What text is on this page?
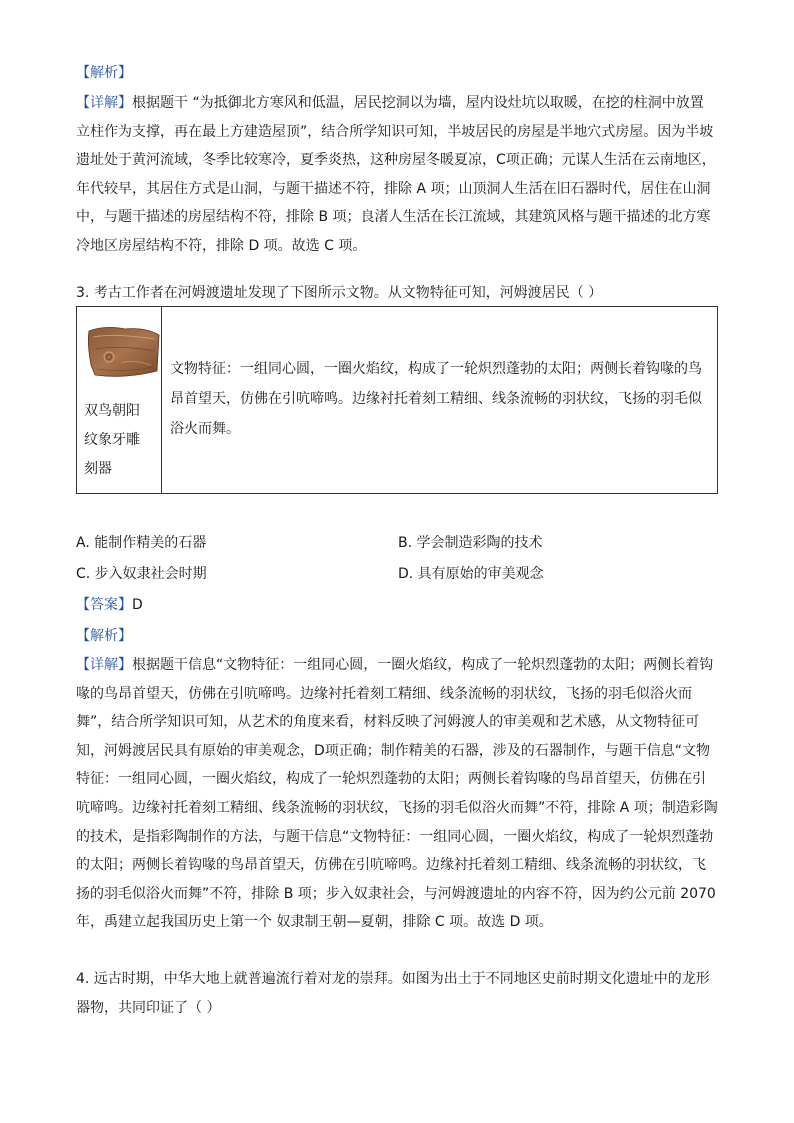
【解析】
【详解】根据题干 “为抵御北方寒风和低温，居民挖洞以为墙，屋内设灶坑以取暖，在挖的柱洞中放置
立柱作为支撑，再在最上方建造屋顶”，结合所学知识可知，半坡居民的房屋是半地穴式房屋。因为半坡
遗址处于黄河流域，冬季比较寒冷，夏季炎热，这种房屋冬暖夏凉，C项正确；元谋人生活在云南地区，
年代较早，其居住方式是山洞，与题干描述不符，排除 A 项；山顶洞人生活在旧石器时代，居住在山洞
中，与题干描述的房屋结构不符，排除 B 项；良渚人生活在长江流域，其建筑风格与题干描述的北方寒
冷地区房屋结构不符，排除 D 项。故选 C 项。
3. 考古工作者在河姆渡遗址发现了下图所示文物。从文物特征可知，河姆渡居民（ ）
双鸟朝阳
纹象牙雕
刻器

文物特征：一组同心圆，一圈火焰纹，构成了一轮炽烈蓬勃的太阳；两侧长着钩喙的鸟
昂首望天，仿佛在引吭啼鸣。边缘衬托着刻工精细、线条流畅的羽状纹，飞扬的羽毛似
浴火而舞。
A. 能制作精美的石器	B. 学会制造彩陶的技术
C. 步入奴隶社会时期	D. 具有原始的审美观念
【答案】D
【解析】
【详解】根据题干信息“文物特征：一组同心圆，一圈火焰纹，构成了一轮炽烈蓬勃的太阳；两侧长着钩
喙的鸟昂首望天，仿佛在引吭啼鸣。边缘衬托着刻工精细、线条流畅的羽状纹，飞扬的羽毛似浴火而
舞”，结合所学知识可知，从艺术的角度来看，材料反映了河姆渡人的审美观和艺术感，从文物特征可
知，河姆渡居民具有原始的审美观念，D项正确；制作精美的石器，涉及的石器制作，与题干信息“文物
特征：一组同心圆，一圈火焰纹，构成了一轮炽烈蓬勃的太阳；两侧长着钩喙的鸟昂首望天，仿佛在引
吭啼鸣。边缘衬托着刻工精细、线条流畅的羽状纹，飞扬的羽毛似浴火而舞”不符，排除 A 项；制造彩陶
的技术，是指彩陶制作的方法，与题干信息“文物特征：一组同心圆，一圈火焰纹，构成了一轮炽烈蓬勃
的太阳；两侧长着钩喙的鸟昂首望天，仿佛在引吭啼鸣。边缘衬托着刻工精细、线条流畅的羽状纹，飞
扬的羽毛似浴火而舞”不符，排除 B 项；步入奴隶社会，与河姆渡遗址的内容不符，因为约公元前 2070
年，禹建立起我国历史上第一个 奴隶制王朝—夏朝，排除 C 项。故选 D 项。
4. 远古时期，中华大地上就普遍流行着对龙的崇拜。如图为出土于不同地区史前时期文化遗址中的龙形
器物，共同印证了（ ）
